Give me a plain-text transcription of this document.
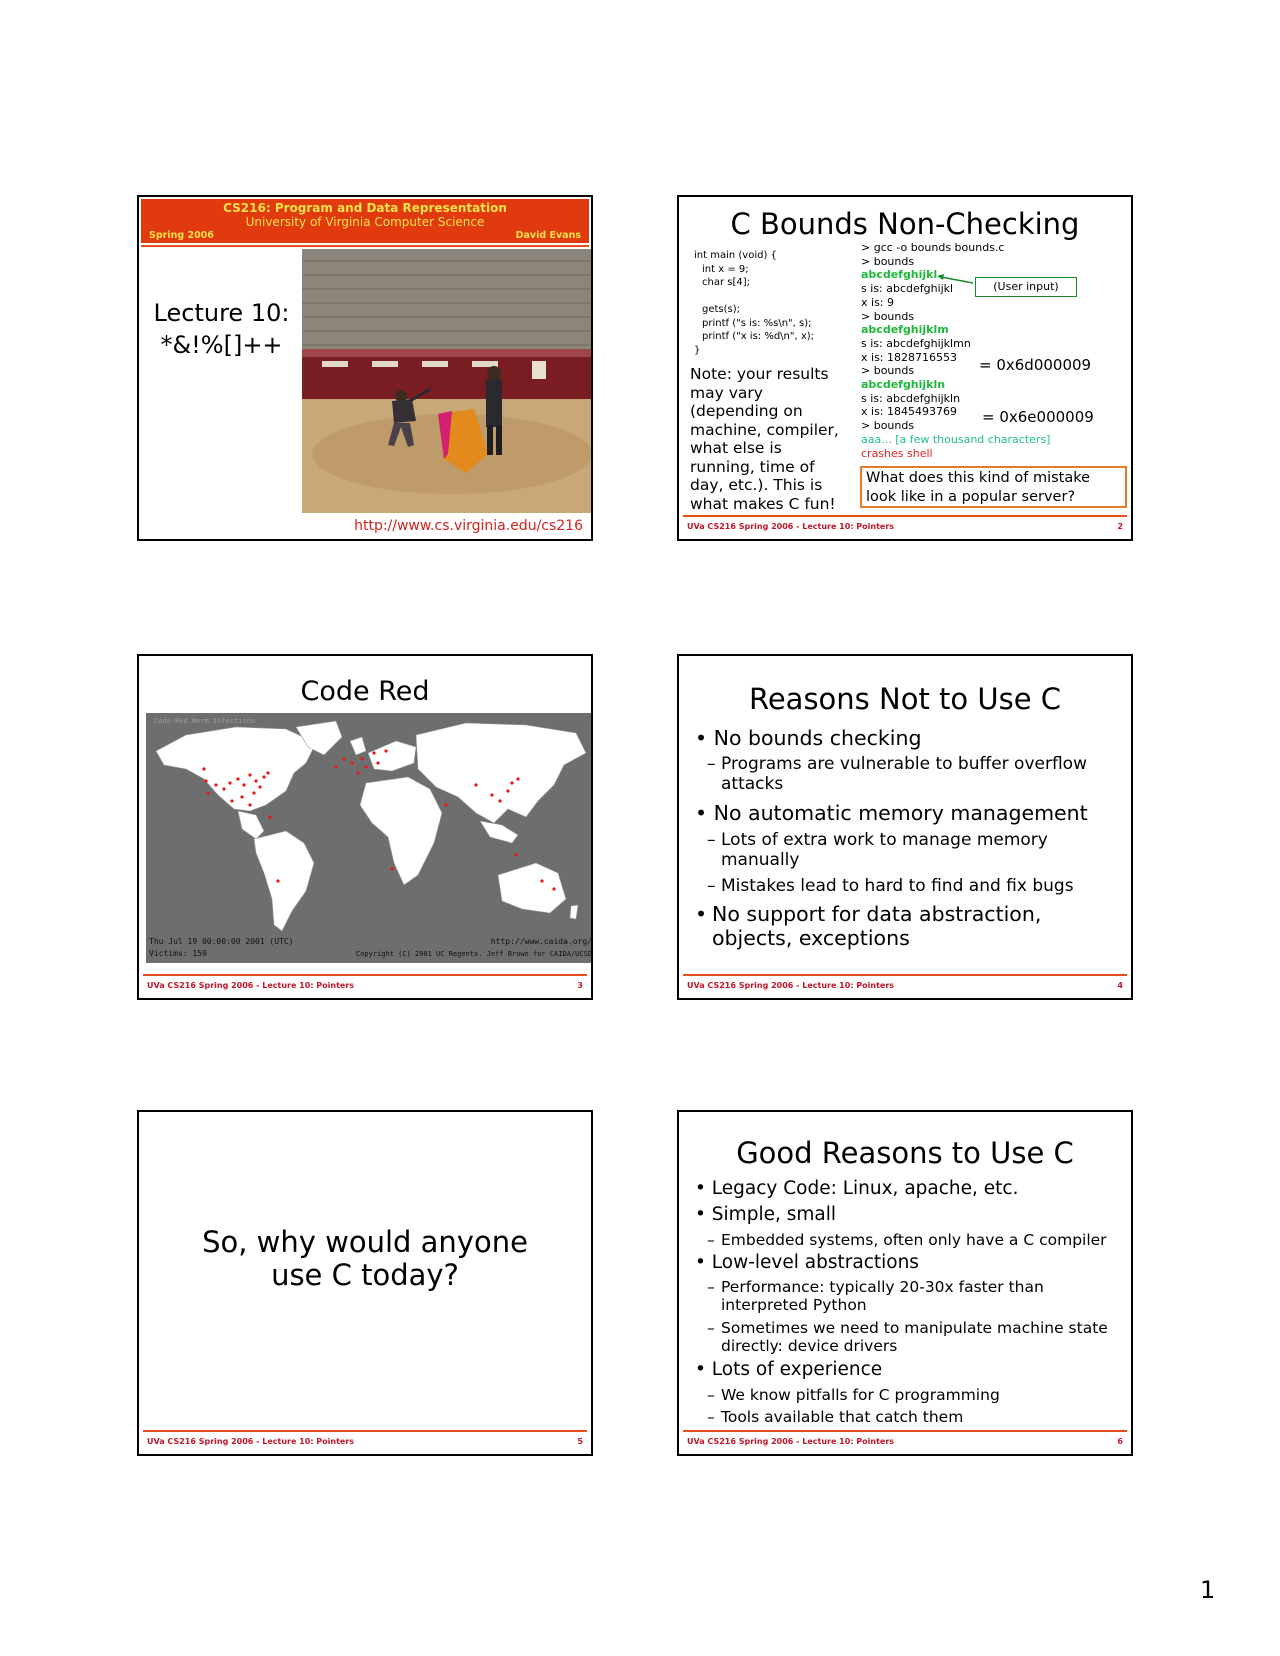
CS216: Program and Data Representation
University of Virginia Computer Science
Spring 2006	David Evans
Lecture 10:
*&!%[]++
http://www.cs.virginia.edu/cs216
C Bounds Non-Checking
int main (void) {
int x = 9;
char s[4];
gets(s);
printf ("s is: %s\n", s);
printf ("x is: %d\n", x);
}
Note: your results
may vary
(depending on
machine, compiler,
what else is
running, time of
day, etc.). This is
what makes C fun!
> gcc -o bounds bounds.c
> bounds
abcdefghijkl
s is: abcdefghijkl
x is: 9
> bounds
abcdefghijklm
s is: abcdefghijklmn
x is: 1828716553
> bounds
abcdefghijkln
s is: abcdefghijkln
x is: 1845493769
> bounds
aaa... [a few thousand characters]
crashes shell
(User input)
= 0x6d000009
= 0x6e000009
What does this kind of mistake look like in a popular server?
UVa CS216 Spring 2006 - Lecture 10: Pointers	2
Code Red
Code-Red Worm Infections
Thu Jul 19 00:00:00 2001 (UTC)
Victims: 159
http://www.caida.org/
Copyright (C) 2001 UC Regents. Jeff Brown for CAIDA/UCSD
UVa CS216 Spring 2006 - Lecture 10: Pointers	3
Reasons Not to Use C
• No bounds checking
– Programs are vulnerable to buffer overflow attacks
• No automatic memory management
– Lots of extra work to manage memory manually
– Mistakes lead to hard to find and fix bugs
• No support for data abstraction, objects, exceptions
UVa CS216 Spring 2006 - Lecture 10: Pointers	4
So, why would anyone
use C today?
UVa CS216 Spring 2006 - Lecture 10: Pointers	5
Good Reasons to Use C
• Legacy Code: Linux, apache, etc.
• Simple, small
– Embedded systems, often only have a C compiler
• Low-level abstractions
– Performance: typically 20-30x faster than interpreted Python
– Sometimes we need to manipulate machine state directly: device drivers
• Lots of experience
– We know pitfalls for C programming
– Tools available that catch them
UVa CS216 Spring 2006 - Lecture 10: Pointers	6
1
